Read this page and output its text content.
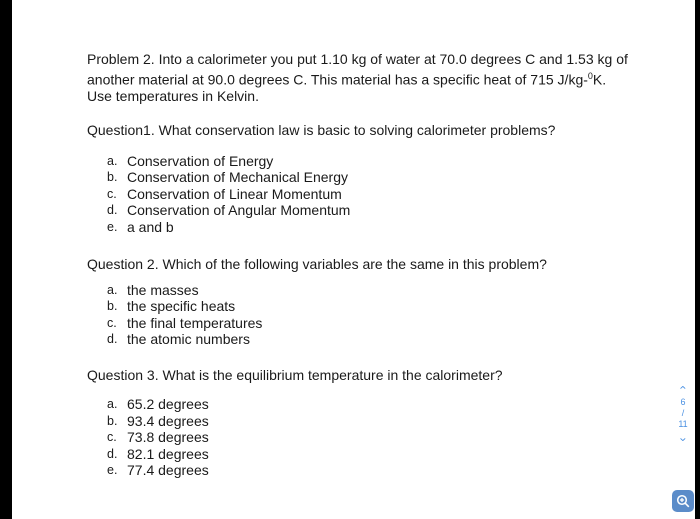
Problem 2. Into a calorimeter you put 1.10 kg of water at 70.0 degrees C and 1.53 kg of

another material at 90.0 degrees C. This material has a specific heat of 715 J/kg-$^0$K.

Use temperatures in Kelvin.

Question1. What conservation law is basic to solving calorimeter problems?

a. Conservation of Energy
b. Conservation of Mechanical Energy
c. Conservation of Linear Momentum
d. Conservation of Angular Momentum
e. a and b

Question 2. Which of the following variables are the same in this problem?

a. the masses
b. the specific heats
c. the final temperatures
d. the atomic numbers

Question 3. What is the equilibrium temperature in the calorimeter?

a. 65.2 degrees
b. 93.4 degrees
c. 73.8 degrees
d. 82.1 degrees
e. 77.4 degrees
‹
6
/
11
›
